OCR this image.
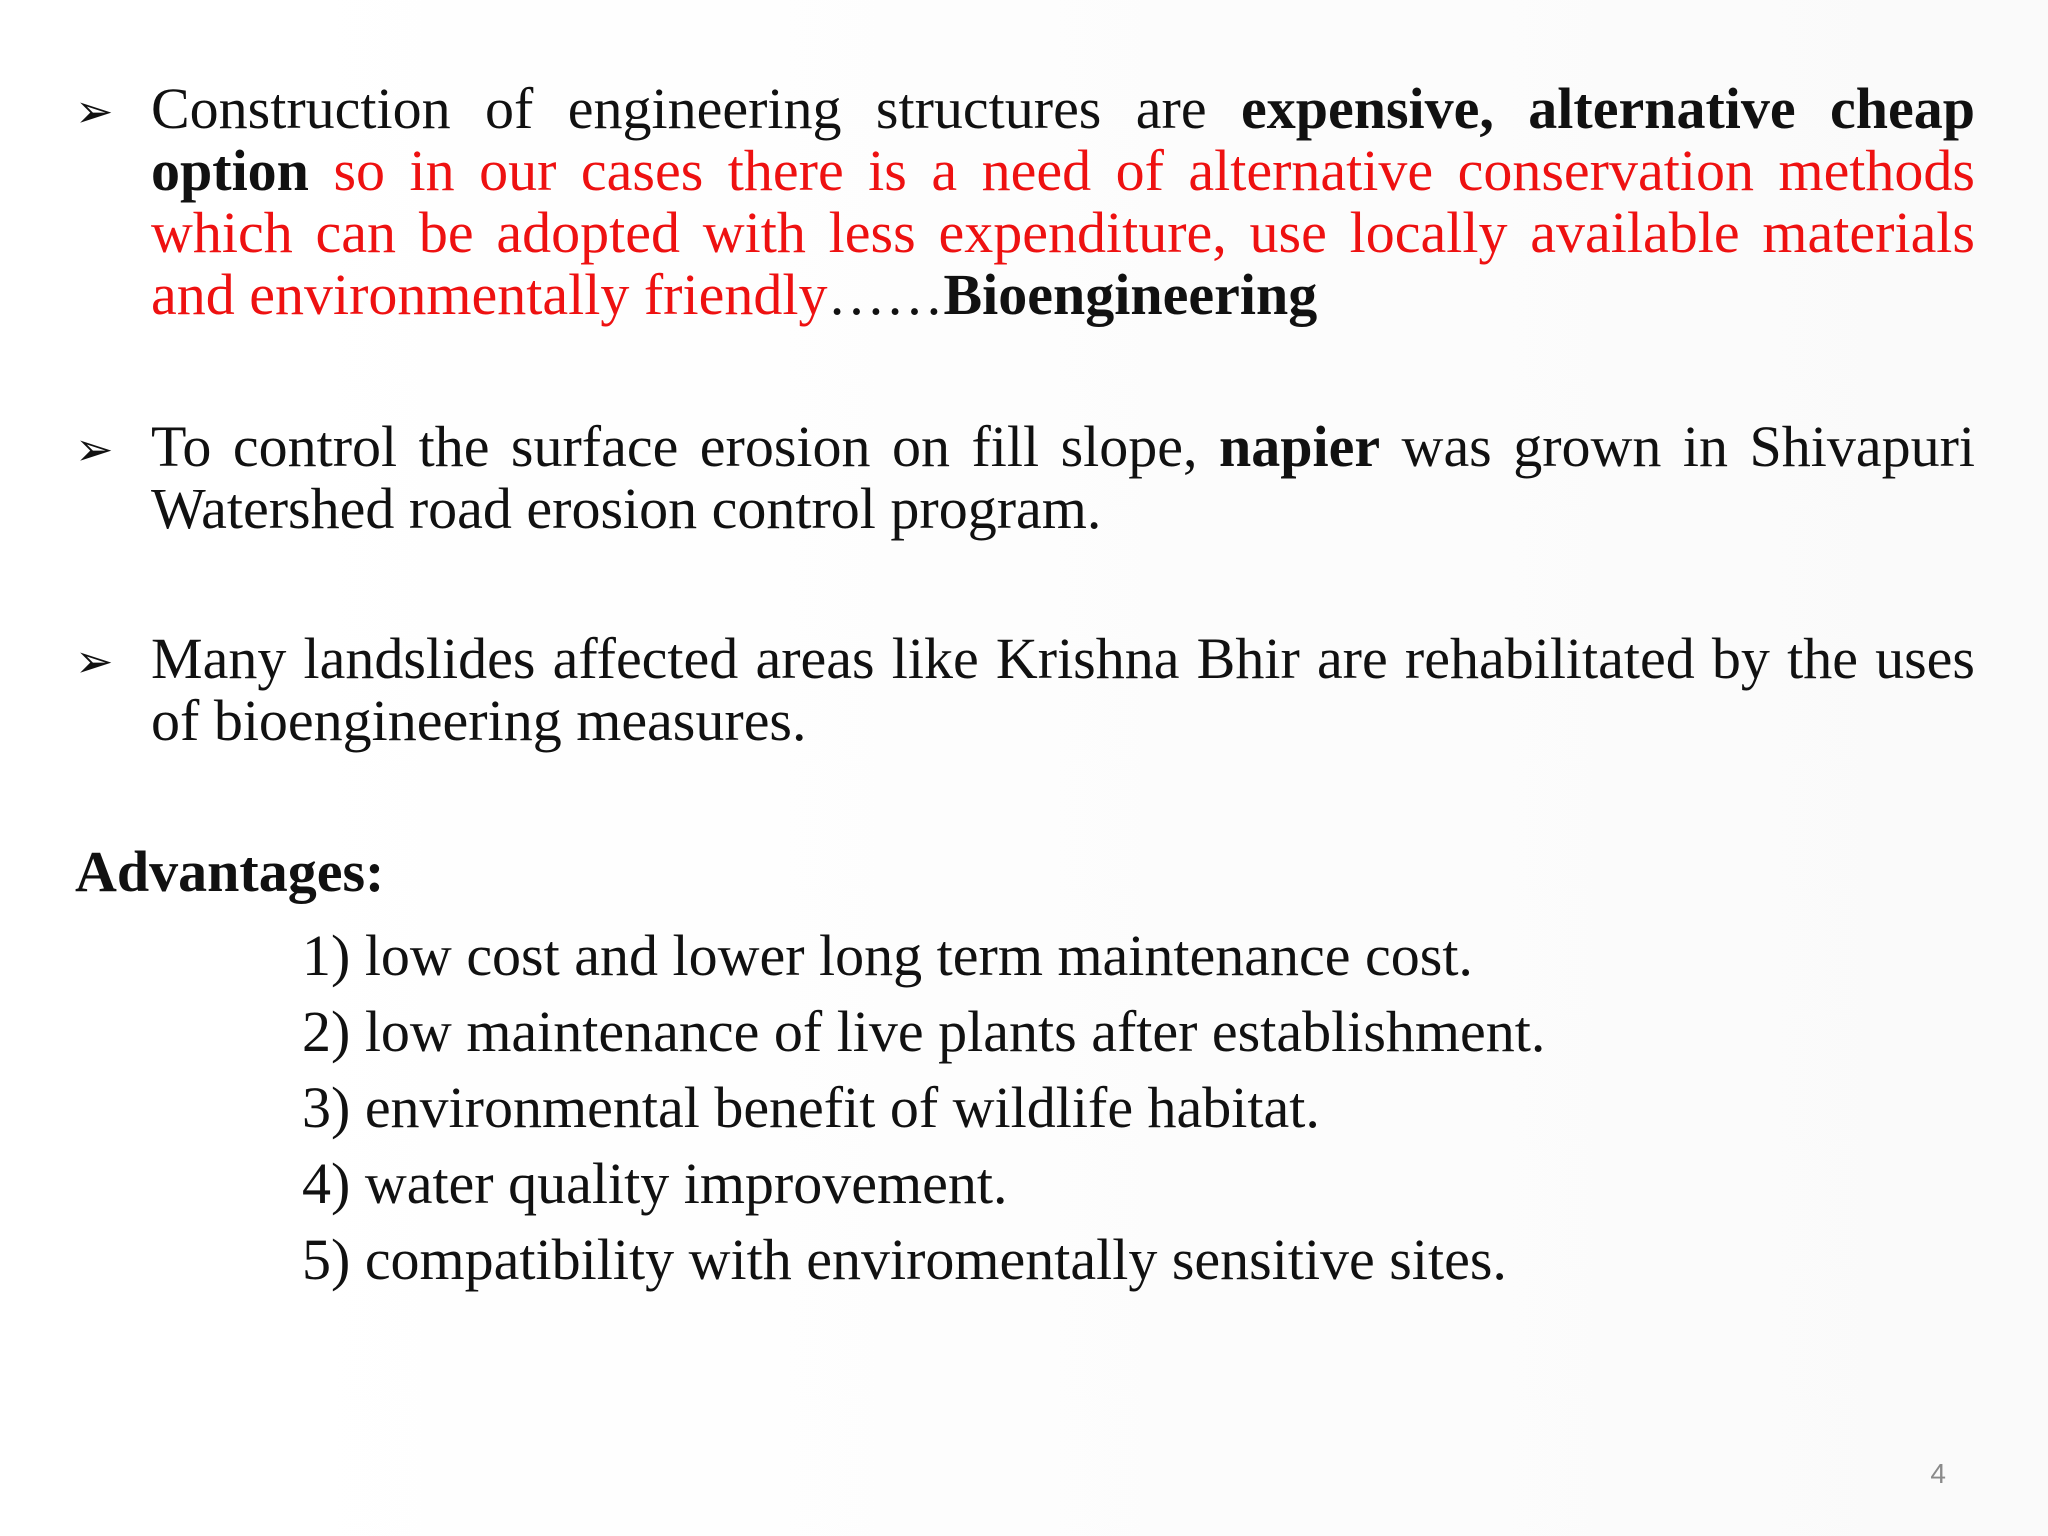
➢ Construction of engineering structures are expensive, alternative cheap option so in our cases there is a need of alternative conservation methods which can be adopted with less expenditure, use locally available materials and environmentally friendly……Bioengineering
➢ To control the surface erosion on fill slope, napier was grown in Shivapuri Watershed road erosion control program.
➢ Many landslides affected areas like Krishna Bhir are rehabilitated by the uses of bioengineering measures.
Advantages:
1) low cost and lower long term maintenance cost.
2) low maintenance of live plants after establishment.
3) environmental benefit of wildlife habitat.
4) water quality improvement.
5) compatibility with enviromentally sensitive sites.
4
